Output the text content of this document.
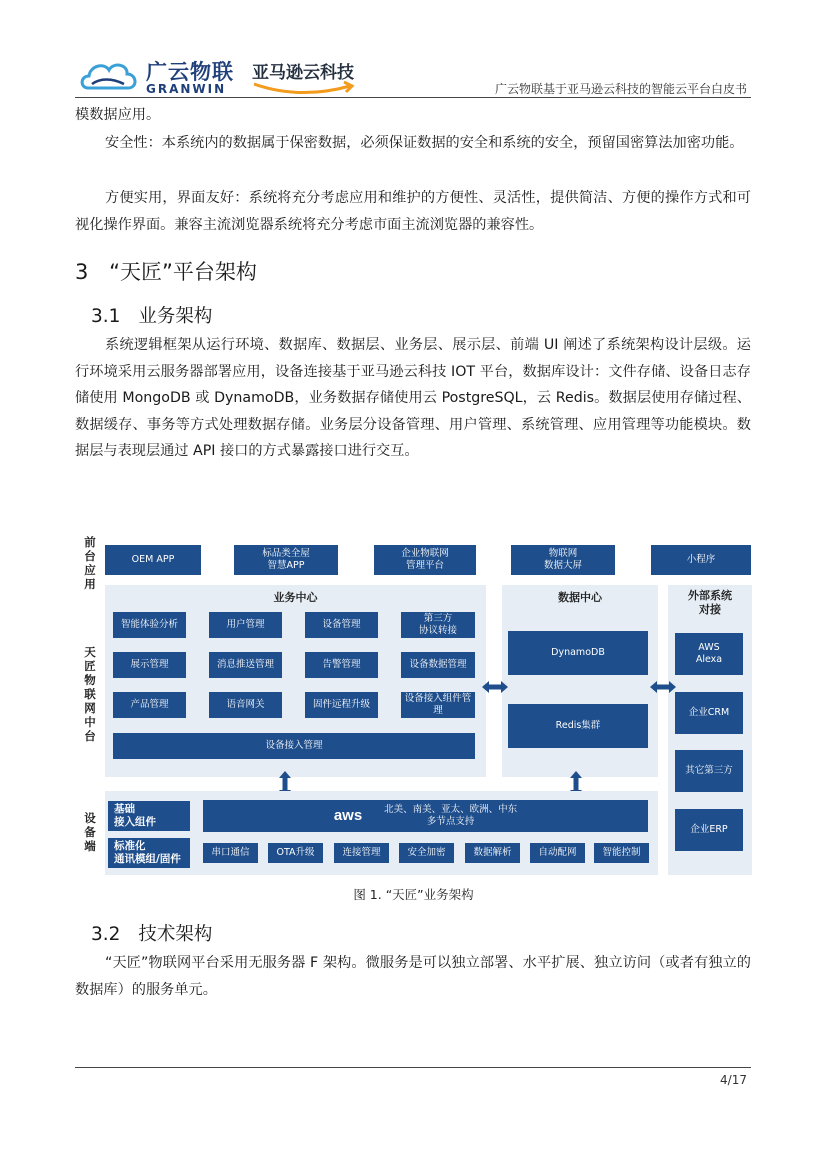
广云物联
GRANWIN
亚马逊云科技
广云物联基于亚马逊云科技的智能云平台白皮书
模数据应用。
安全性：本系统内的数据属于保密数据，必须保证数据的安全和系统的安全，预留国密算法加密功能。
方便实用，界面友好：系统将充分考虑应用和维护的方便性、灵活性，提供简洁、方便的操作方式和可视化操作界面。兼容主流浏览器系统将充分考虑市面主流浏览器的兼容性。
3 “天匠”平台架构
3.1 业务架构
系统逻辑框架从运行环境、数据库、数据层、业务层、展示层、前端 UI 阐述了系统架构设计层级。运行环境采用云服务器部署应用，设备连接基于亚马逊云科技 IOT 平台，数据库设计：文件存储、设备日志存储使用 MongoDB 或 DynamoDB，业务数据存储使用云 PostgreSQL，云 Redis。数据层使用存储过程、数据缓存、事务等方式处理数据存储。业务层分设备管理、用户管理、系统管理、应用管理等功能模块。数据层与表现层通过 API 接口的方式暴露接口进行交互。
前台应用
天匠物联网中台
设备端
OEM APP
标品类全屋
智慧APP
企业物联网
管理平台
物联网
数据大屏
小程序
业务中心
智能体验分析	用户管理	设备管理
第三方
协议转接
展示管理	消息推送管理	告警管理	设备数据管理
产品管理	语音网关	固件远程升级
设备接入组件管
理
设备接入管理
数据中心
DynamoDB
Redis集群
外部系统
对接
AWS
Alexa
企业CRM
其它第三方
企业ERP
基础
接入组件
标准化
通讯模组/固件
aws 北美、南美、亚太、欧洲、中东
多节点支持
串口通信	OTA升级	连接管理	安全加密	数据解析	自动配网	智能控制
图 1. “天匠”业务架构
3.2 技术架构
“天匠”物联网平台采用无服务器 F 架构。微服务是可以独立部署、水平扩展、独立访问（或者有独立的数据库）的服务单元。
4/17
